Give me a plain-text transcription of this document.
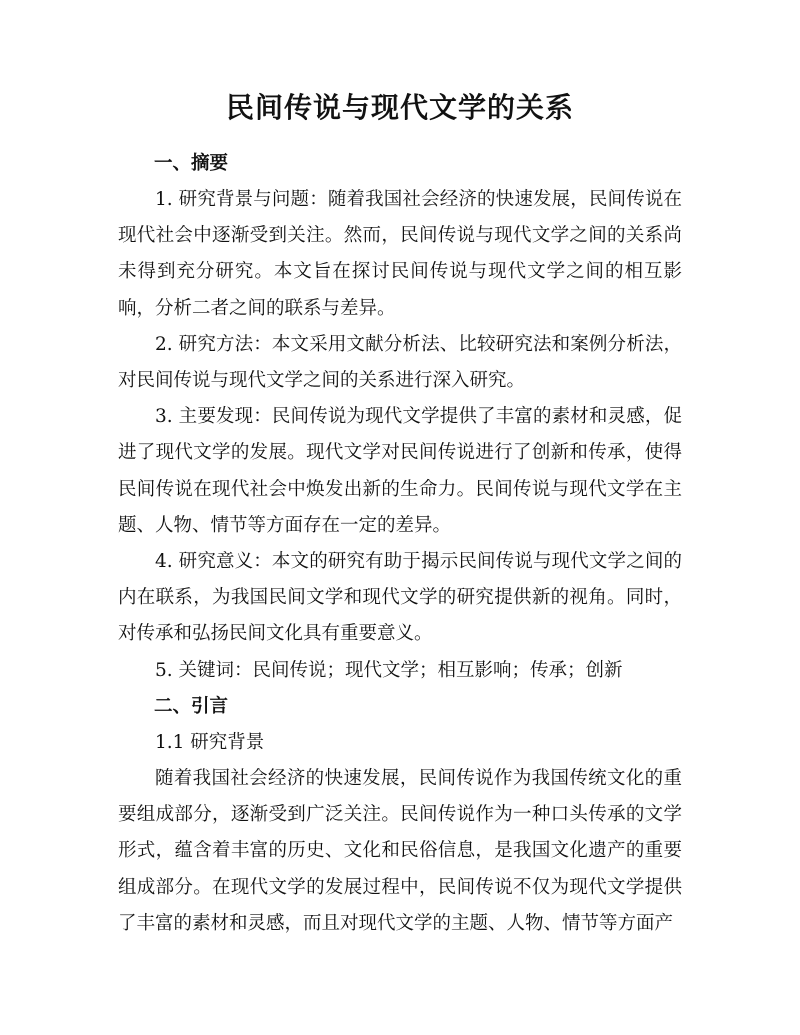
民间传说与现代文学的关系
一、摘要

1. 研究背景与问题：随着我国社会经济的快速发展，民间传说在现代社会中逐渐受到关注。然而，民间传说与现代文学之间的关系尚未得到充分研究。本文旨在探讨民间传说与现代文学之间的相互影响，分析二者之间的联系与差异。

2. 研究方法：本文采用文献分析法、比较研究法和案例分析法，对民间传说与现代文学之间的关系进行深入研究。

3. 主要发现：民间传说为现代文学提供了丰富的素材和灵感，促进了现代文学的发展。现代文学对民间传说进行了创新和传承，使得民间传说在现代社会中焕发出新的生命力。民间传说与现代文学在主题、人物、情节等方面存在一定的差异。

4. 研究意义：本文的研究有助于揭示民间传说与现代文学之间的内在联系，为我国民间文学和现代文学的研究提供新的视角。同时，对传承和弘扬民间文化具有重要意义。

5. 关键词：民间传说；现代文学；相互影响；传承；创新

二、引言

1.1 研究背景

随着我国社会经济的快速发展，民间传说作为我国传统文化的重要组成部分，逐渐受到广泛关注。民间传说作为一种口头传承的文学形式，蕴含着丰富的历史、文化和民俗信息，是我国文化遗产的重要组成部分。在现代文学的发展过程中，民间传说不仅为现代文学提供了丰富的素材和灵感，而且对现代文学的主题、人物、情节等方面产
